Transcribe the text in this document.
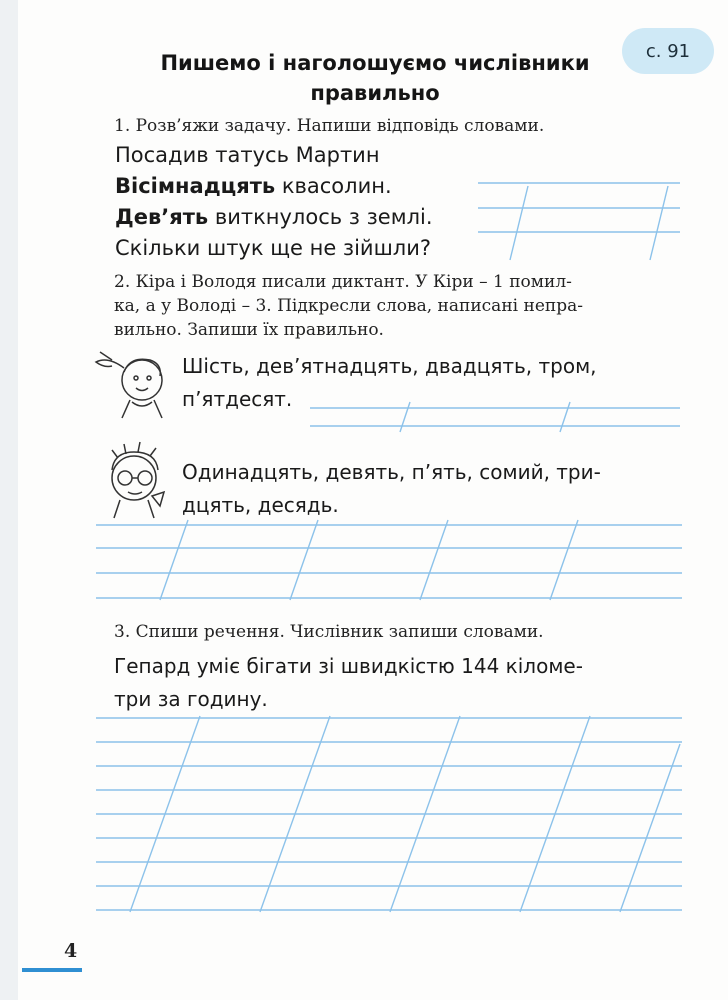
с. 91
Пишемо і наголошуємо числівники
правильно
1. Розв’яжи задачу. Напиши відповідь словами.
Посадив татусь Мартин
Вісімнадцять квасолин.
Дев’ять виткнулось з землі.
Скільки штук ще не зійшли?
2. Кіра і Володя писали диктант. У Кіри – 1 помил-
ка, а у Володі – 3. Підкресли слова, написані непра-
вильно. Запиши їх правильно.
Шість, дев’ятнадцять, двадцять, тром,
п’ятдесят.
Одинадцять, девять, п’ять, сомий, три-
дцять, десядь.
3. Спиши речення. Числівник запиши словами.
Гепард уміє бігати зі швидкістю 144 кіломе-
три за годину.
4
